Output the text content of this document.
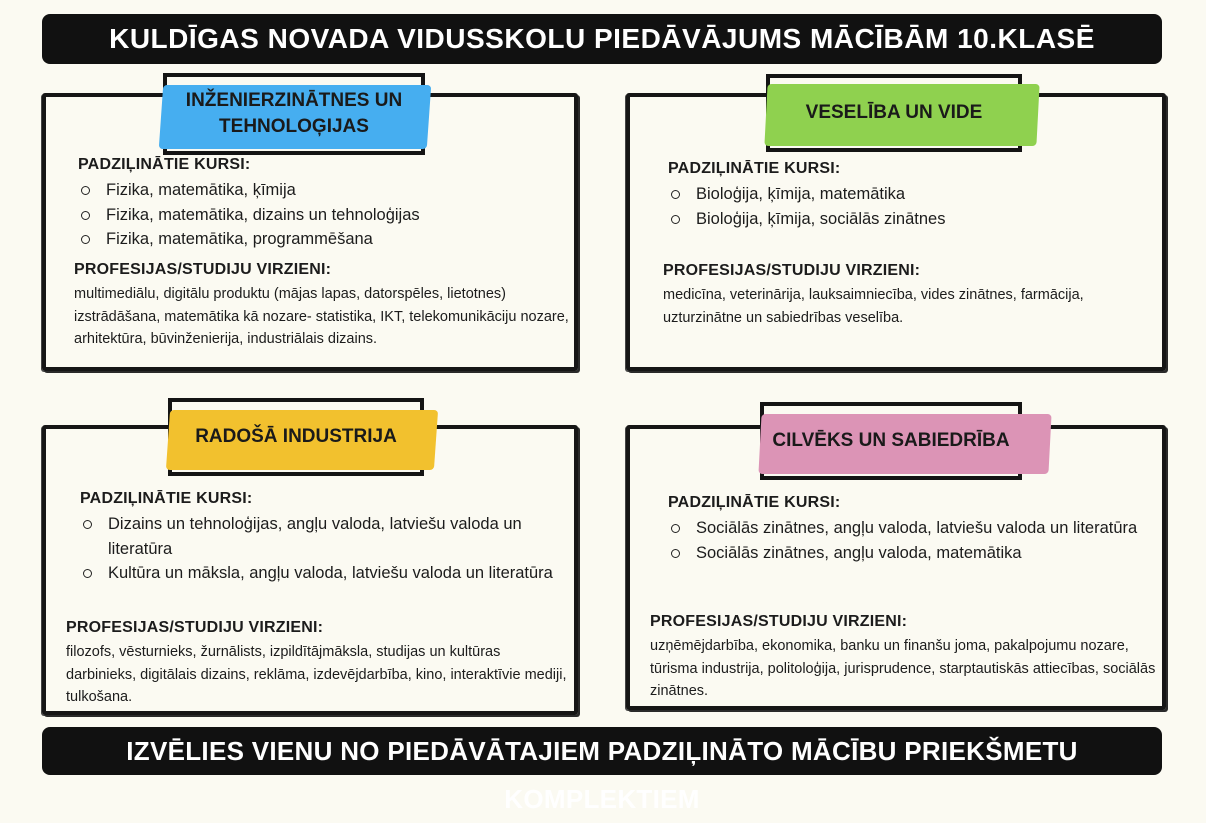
KULDĪGAS NOVADA VIDUSSKOLU PIEDĀVĀJUMS MĀCĪBĀM 10.KLASĒ
INŽENIERZINĀTNES UN
TEHNOLOĢIJAS
PADZIĻINĀTIE KURSI:
Fizika, matemātika, ķīmija
Fizika, matemātika, dizains un tehnoloģijas
Fizika, matemātika, programmēšana
PROFESIJAS/STUDIJU VIRZIENI:
multimediālu, digitālu produktu (mājas lapas, datorspēles, lietotnes) izstrādāšana, matemātika kā nozare- statistika, IKT, telekomunikāciju nozare, arhitektūra, būvinženierija, industriālais dizains.
VESELĪBA UN VIDE
PADZIĻINĀTIE KURSI:
Bioloģija, ķīmija, matemātika
Bioloģija, ķīmija, sociālās zinātnes
PROFESIJAS/STUDIJU VIRZIENI:
medicīna, veterinārija, lauksaimniecība, vides zinātnes, farmācija, uzturzinātne un sabiedrības veselība.
RADOŠĀ INDUSTRIJA
PADZIĻINĀTIE KURSI:
Dizains un tehnoloģijas, angļu valoda, latviešu valoda un literatūra
Kultūra un māksla, angļu valoda, latviešu valoda un literatūra
PROFESIJAS/STUDIJU VIRZIENI:
filozofs, vēsturnieks, žurnālists, izpildītājmāksla, studijas un kultūras darbinieks, digitālais dizains, reklāma, izdevējdarbība, kino, interaktīvie mediji, tulkošana.
CILVĒKS UN SABIEDRĪBA
PADZIĻINĀTIE KURSI:
Sociālās zinātnes, angļu valoda, latviešu valoda un literatūra
Sociālās zinātnes, angļu valoda, matemātika
PROFESIJAS/STUDIJU VIRZIENI:
uzņēmējdarbība, ekonomika, banku un finanšu joma, pakalpojumu nozare, tūrisma industrija, politoloģija, jurisprudence, starptautiskās attiecības, sociālās zinātnes.
IZVĒLIES VIENU NO PIEDĀVĀTAJIEM PADZIĻINĀTO MĀCĪBU PRIEKŠMETU KOMPLEKTIEM
